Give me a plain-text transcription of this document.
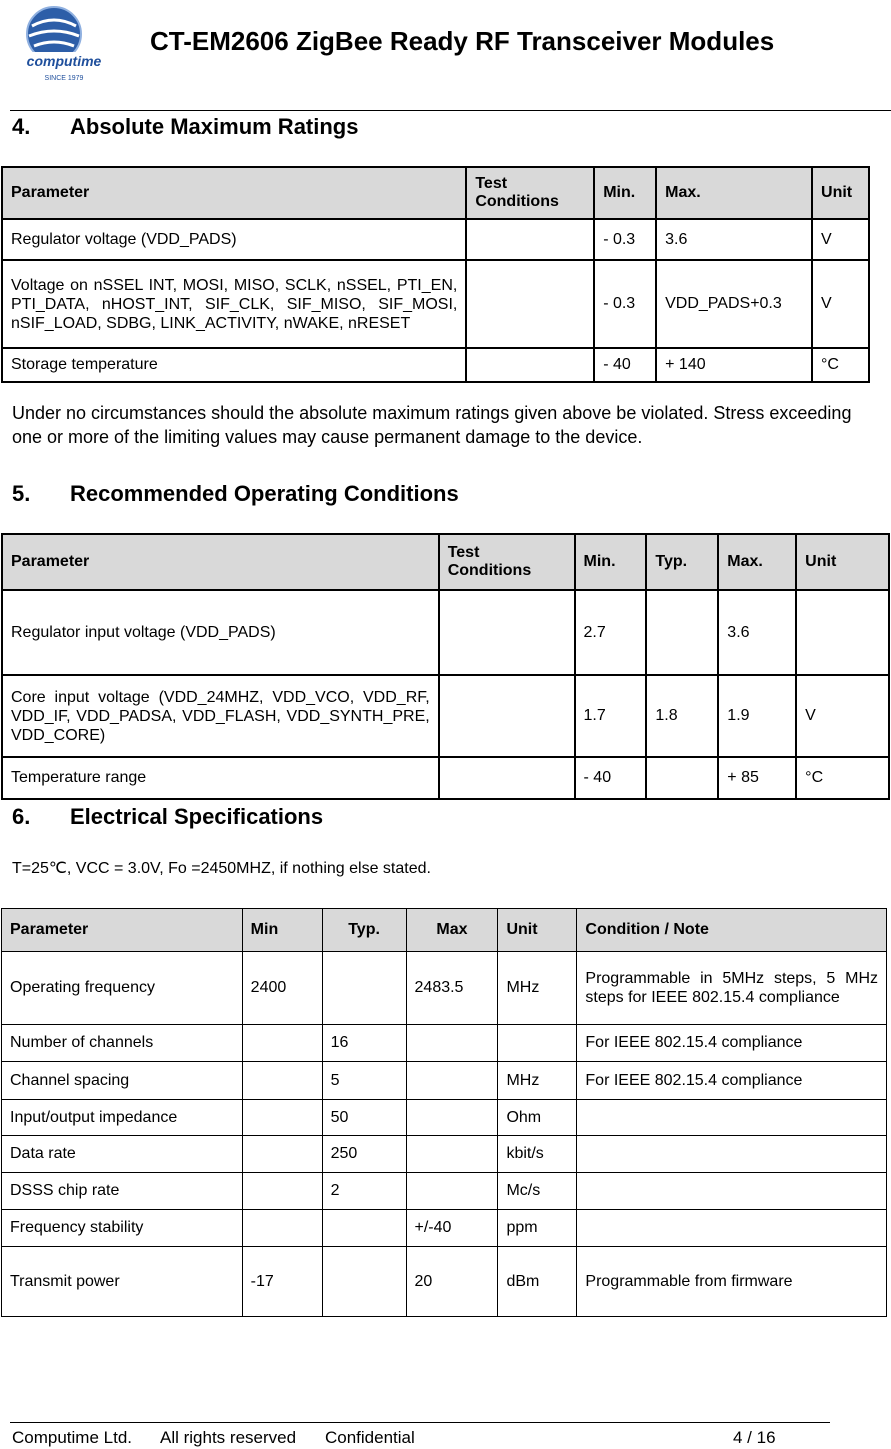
computime
SINCE 1979
CT-EM2606 ZigBee Ready RF Transceiver Modules
4. Absolute Maximum Ratings
Parameter	Test Conditions	Min.	Max.	Unit
Regulator voltage (VDD_PADS)		- 0.3	3.6	V
Voltage on nSSEL INT, MOSI, MISO, SCLK, nSSEL, PTI_EN, PTI_DATA, nHOST_INT, SIF_CLK, SIF_MISO, SIF_MOSI, nSIF_LOAD, SDBG, LINK_ACTIVITY, nWAKE, nRESET		- 0.3	VDD_PADS+0.3	V
Storage temperature		- 40	+ 140	°C
Under no circumstances should the absolute maximum ratings given above be violated. Stress exceeding one or more of the limiting values may cause permanent damage to the device.
5. Recommended Operating Conditions
Parameter	Test Conditions	Min.	Typ.	Max.	Unit
Regulator input voltage (VDD_PADS)		2.7		3.6	
Core input voltage (VDD_24MHZ, VDD_VCO, VDD_RF, VDD_IF, VDD_PADSA, VDD_FLASH, VDD_SYNTH_PRE, VDD_CORE)		1.7	1.8	1.9	V
Temperature range		- 40		+ 85	°C
6. Electrical Specifications
T=25℃, VCC = 3.0V, Fo =2450MHZ, if nothing else stated.
Parameter	Min	Typ.	Max	Unit	Condition / Note
Operating frequency	2400		2483.5	MHz	Programmable in 5MHz steps, 5 MHz steps for IEEE 802.15.4 compliance
Number of channels		16			For IEEE 802.15.4 compliance
Channel spacing		5		MHz	For IEEE 802.15.4 compliance
Input/output impedance		50		Ohm	
Data rate		250		kbit/s	
DSSS chip rate		2		Mc/s	
Frequency stability			+/-40	ppm	
Transmit power	-17		20	dBm	Programmable from firmware
Computime Ltd. All rights reserved Confidential	4 / 16
